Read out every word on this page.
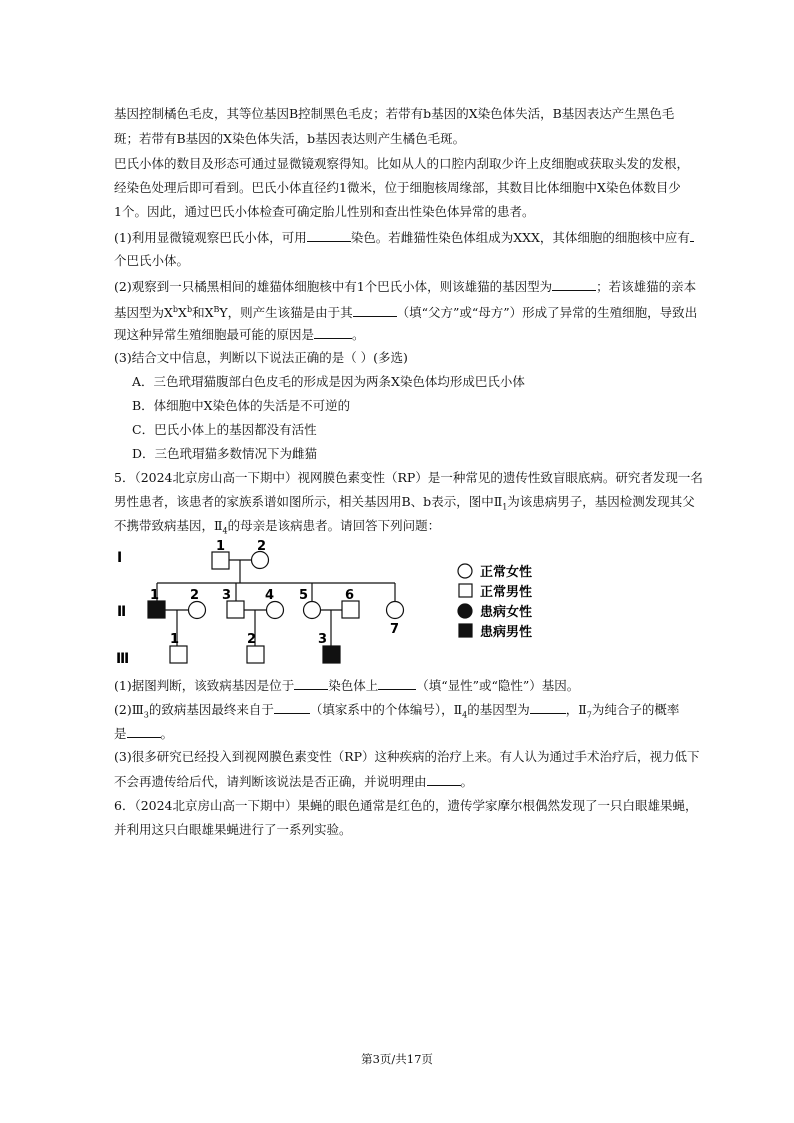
基因控制橘色毛皮，其等位基因B控制黑色毛皮；若带有b基因的X染色体失活，B基因表达产生黑色毛
斑；若带有B基因的X染色体失活，b基因表达则产生橘色毛斑。
巴氏小体的数目及形态可通过显微镜观察得知。比如从人的口腔内刮取少许上皮细胞或获取头发的发根，
经染色处理后即可看到。巴氏小体直径约1微米，位于细胞核周缘部，其数目比体细胞中X染色体数目少
1个。因此，通过巴氏小体检查可确定胎儿性别和查出性染色体异常的患者。
(1)利用显微镜观察巴氏小体，可用	染色。若雌猫性染色体组成为XXX，其体细胞的细胞核中应有
个巴氏小体。
(2)观察到一只橘黑相间的雄猫体细胞核中有1个巴氏小体，则该雄猫的基因型为	；若该雄猫的亲本
基因型为$X^bX^b$和$X^BY$，则产生该猫是由于其	（填“父方”或“母方”）形成了异常的生殖细胞，导致出
现这种异常生殖细胞最可能的原因是	。
(3)结合文中信息，判断以下说法正确的是（ ）(多选)
A．三色玳瑁猫腹部白色皮毛的形成是因为两条X染色体均形成巴氏小体
B．体细胞中X染色体的失活是不可逆的
C．巴氏小体上的基因都没有活性
D．三色玳瑁猫多数情况下为雌猫
5．（2024北京房山高一下期中）视网膜色素变性（RP）是一种常见的遗传性致盲眼底病。研究者发现一名
男性患者，该患者的家族系谱如图所示，相关基因用B、b表示，图中$Ⅱ_1$为该患病男子，基因检测发现其父
不携带致病基因，$Ⅱ_4$的母亲是该病患者。请回答下列问题：
Ⅰ
Ⅱ
Ⅲ
1 2
1 2 3	4 5	6
7
1	2	3
正常女性
正常男性
患病女性
患病男性
(1)据图判断，该致病基因是位于	染色体上	（填“显性”或“隐性”）基因。
$(2)Ⅲ_3$的致病基因最终来自于	（填家系中的个体编号），$Ⅱ_4$的基因型为	，$Ⅱ_7$为纯合子的概率
是	。
(3)很多研究已经投入到视网膜色素变性（RP）这种疾病的治疗上来。有人认为通过手术治疗后，视力低下
不会再遗传给后代，请判断该说法是否正确，并说明理由	。
6．（2024北京房山高一下期中）果蝇的眼色通常是红色的，遗传学家摩尔根偶然发现了一只白眼雄果蝇，
并利用这只白眼雄果蝇进行了一系列实验。
第3页/共17页
